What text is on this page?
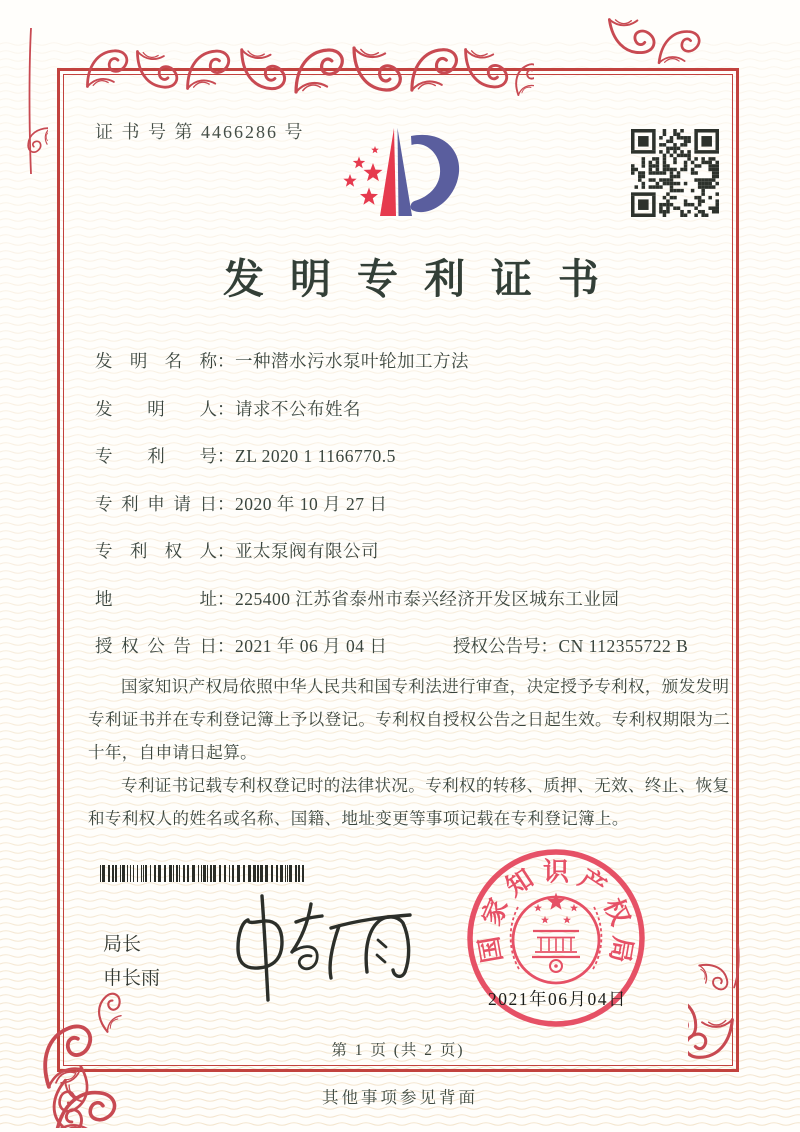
证 书 号 第 4466286 号
发明专利证书
发明名称：一种潜水污水泵叶轮加工方法
发明人：请求不公布姓名
专利号：ZL 2020 1 1166770.5
专利申请日：2020 年 10 月 27 日
专利权人：亚太泵阀有限公司
地址：225400 江苏省泰州市泰兴经济开发区城东工业园
授权公告日：2021 年 06 月 04 日	授权公告号：CN 112355722 B

国家知识产权局依照中华人民共和国专利法进行审查，决定授予专利权，颁发发明专利证书并在专利登记簿上予以登记。专利权自授权公告之日起生效。专利权期限为二十年，自申请日起算。

专利证书记载专利权登记时的法律状况。专利权的转移、质押、无效、终止、恢复和专利权人的姓名或名称、国籍、地址变更等事项记载在专利登记簿上。

局长
申长雨
国
家
知 识 产
权
局
2021年06月04日
第 1 页 (共 2 页)
其他事项参见背面
